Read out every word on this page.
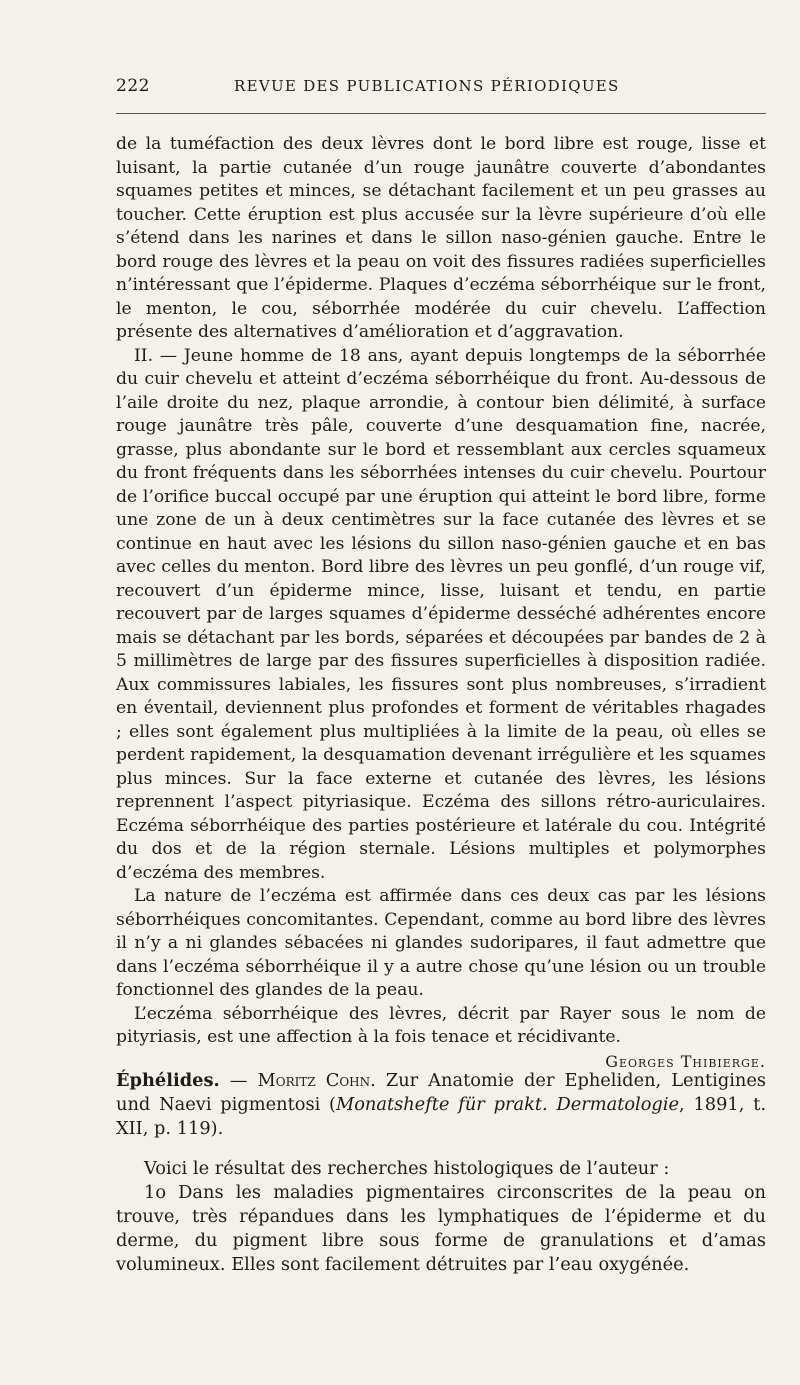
222	REVUE DES PUBLICATIONS PÉRIODIQUES

de la tuméfaction des deux lèvres dont le bord libre est rouge, lisse et luisant, la partie cutanée d’un rouge jaunâtre couverte d’abondantes squames petites et minces, se détachant facilement et un peu grasses au toucher. Cette éruption est plus accusée sur la lèvre supérieure d’où elle s’étend dans les narines et dans le sillon naso-génien gauche. Entre le bord rouge des lèvres et la peau on voit des fissures radiées superficielles n’intéressant que l’épiderme. Plaques d’eczéma séborrhéique sur le front, le menton, le cou, séborrhée modérée du cuir chevelu. L’affection présente des alternatives d’amélioration et d’aggravation.

II. — Jeune homme de 18 ans, ayant depuis longtemps de la séborrhée du cuir chevelu et atteint d’eczéma séborrhéique du front. Au-dessous de l’aile droite du nez, plaque arrondie, à contour bien délimité, à surface rouge jaunâtre très pâle, couverte d’une desquamation fine, nacrée, grasse, plus abondante sur le bord et ressemblant aux cercles squameux du front fréquents dans les séborrhées intenses du cuir chevelu. Pourtour de l’orifice buccal occupé par une éruption qui atteint le bord libre, forme une zone de un à deux centimètres sur la face cutanée des lèvres et se continue en haut avec les lésions du sillon naso-génien gauche et en bas avec celles du menton. Bord libre des lèvres un peu gonflé, d’un rouge vif, recouvert d’un épiderme mince, lisse, luisant et tendu, en partie recouvert par de larges squames d’épiderme desséché adhérentes encore mais se détachant par les bords, séparées et découpées par bandes de 2 à 5 millimètres de large par des fissures superficielles à disposition radiée. Aux commissures labiales, les fissures sont plus nombreuses, s’irradient en éventail, deviennent plus profondes et forment de véritables rhagades ; elles sont également plus multipliées à la limite de la peau, où elles se perdent rapidement, la desquamation devenant irrégulière et les squames plus minces. Sur la face externe et cutanée des lèvres, les lésions reprennent l’aspect pityriasique. Eczéma des sillons rétro-auriculaires. Eczéma séborrhéique des parties postérieure et latérale du cou. Intégrité du dos et de la région sternale. Lésions multiples et polymorphes d’eczéma des membres.

La nature de l’eczéma est affirmée dans ces deux cas par les lésions séborrhéiques concomitantes. Cependant, comme au bord libre des lèvres il n’y a ni glandes sébacées ni glandes sudoripares, il faut admettre que dans l’eczéma séborrhéique il y a autre chose qu’une lésion ou un trouble fonctionnel des glandes de la peau.

L’eczéma séborrhéique des lèvres, décrit par Rayer sous le nom de pityriasis, est une affection à la fois tenace et récidivante.

Georges Thibierge.

Éphélides. — Moritz Cohn. Zur Anatomie der Epheliden, Lentigines und Naevi pigmentosi (Monatshefte für prakt. Dermatologie, 1891, t. XII, p. 119).

Voici le résultat des recherches histologiques de l’auteur :

1o Dans les maladies pigmentaires circonscrites de la peau on trouve, très répandues dans les lymphatiques de l’épiderme et du derme, du pigment libre sous forme de granulations et d’amas volumineux. Elles sont facilement détruites par l’eau oxygénée.
